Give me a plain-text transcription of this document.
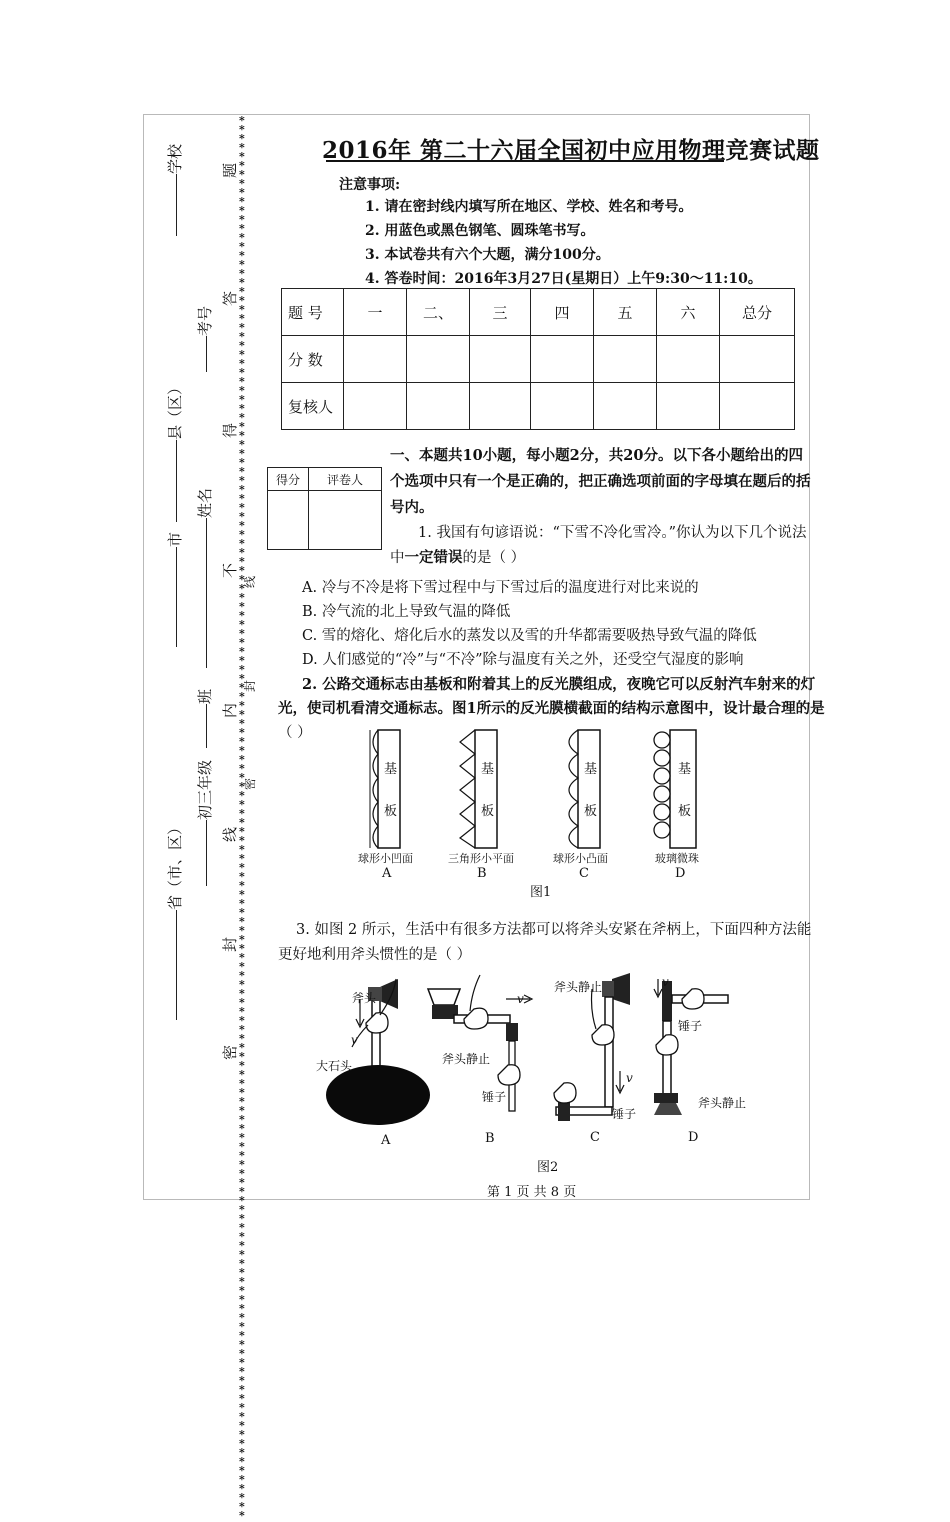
题
答
得
不
内
线
封
密
线
封
密
学校
县（区）
市
省（市、区）
考号
姓名
班
初三年级
************************************************************************************************************************************************************
2016年 第二十六届全国初中应用物理竞赛试题
注意事项:
1. 请在密封线内填写所在地区、学校、姓名和考号。
2. 用蓝色或黑色钢笔、圆珠笔书写。
3. 本试卷共有六个大题，满分100分。
4. 答卷时间：2016年3月27日(星期日）上午9:30～11:10。
题 号	一	二、	三	四	五	六	总分
分 数							
复核人							
得分	评卷人

一、本题共10小题，每小题2分，共20分。以下各小题给出的四
个选项中只有一个是正确的，把正确选项前面的字母填在题后的括
号内。
1. 我国有句谚语说：“下雪不冷化雪冷。”你认为以下几个说法
中一定错误的是（ ）
A. 冷与不冷是将下雪过程中与下雪过后的温度进行对比来说的
B. 冷气流的北上导致气温的降低
C. 雪的熔化、熔化后水的蒸发以及雪的升华都需要吸热导致气温的降低
D. 人们感觉的“冷”与“不冷”除与温度有关之外，还受空气湿度的影响
2. 公路交通标志由基板和附着其上的反光膜组成，夜晚它可以反射汽车射来的灯
光，使司机看清交通标志。图1所示的反光膜横截面的结构示意图中，设计最合理的是
（ ）
基
板
基
板
基
板
基
板
球形小凹面	三角形小平面	球形小凸面	玻璃微珠
A	B	C	D
图1
3. 如图 2 所示，生活中有很多方法都可以将斧头安紧在斧柄上，下面四种方法能
更好地利用斧头惯性的是（ ）
斧头
v
大石头	斧头静止
v
锤子
斧头静止
v
锤子
v
锤子
斧头静止
A	B	C	D
图2
第 1 页 共 8 页
